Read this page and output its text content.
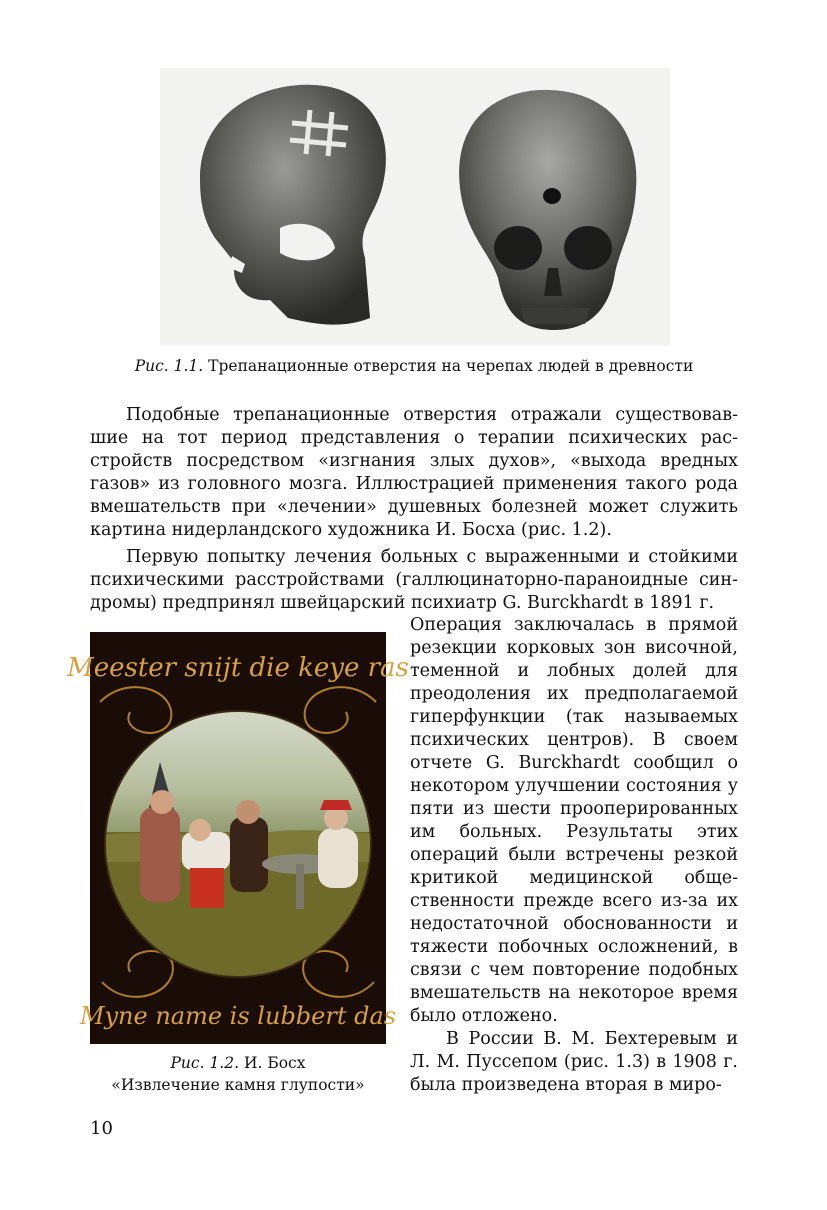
Рис. 1.1. Трепанационные отверстия на черепах людей в древности

Подобные трепанационные отверстия отражали существовавшие на тот период представления о терапии психических расстройств посредством «изгнания злых духов», «выхода вредных газов» из головного мозга. Иллюстрацией применения такого рода вмешательств при «лечении» душевных болезней может служить картина нидерландского художника И. Босха (рис. 1.2).

Первую попытку лечения больных с выраженными и стойкими психическими расстройствами (галлюцинаторно-параноидные синдромы) предпринял швейцарский психиатр G. Burckhardt в 1891 г.

Meester snijt die keye ras
Myne name is lubbert das
Рис. 1.2. И. Босх
«Извлечение камня глупости»

Операция заключалась в прямой резекции корковых зон височной, теменной и лобных долей для преодоления их предполагаемой гиперфункции (так называемых психических центров). В своем отчете G. Burckhardt сообщил о некотором улучшении состояния у пяти из шести прооперированных им больных. Результаты этих операций были встречены резкой критикой медицинской общественности прежде всего из-за их недостаточной обоснованности и тяжести побочных осложнений, в связи с чем повторение подобных вмешательств на некоторое время было отложено.

В России В. М. Бехтеревым и Л. М. Пуссепом (рис. 1.3) в 1908 г. была произведена вторая в миро-

10
